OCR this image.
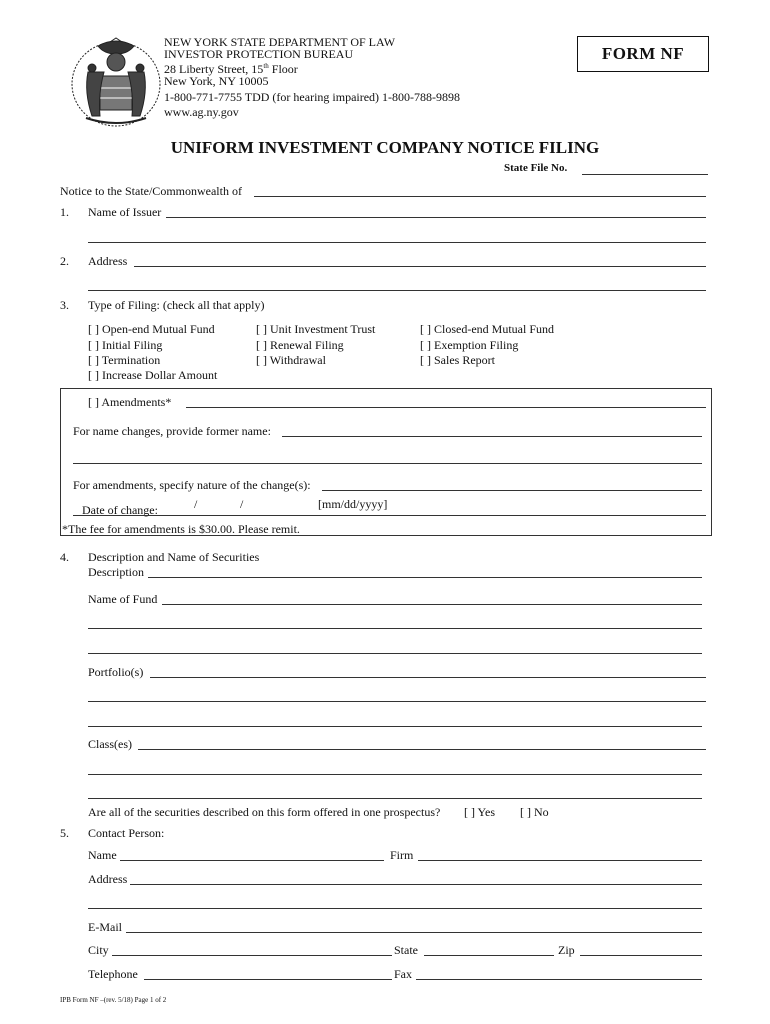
NEW YORK STATE DEPARTMENT OF LAW
INVESTOR PROTECTION BUREAU
28 Liberty Street, 15th Floor
New York, NY 10005
1-800-771-7755 TDD (for hearing impaired) 1-800-788-9898
www.ag.ny.gov
FORM NF
UNIFORM INVESTMENT COMPANY NOTICE FILING
State File No.
Notice to the State/Commonwealth of
1. Name of Issuer
2. Address
3. Type of Filing: (check all that apply)
[ ] Open-end Mutual Fund
[ ] Initial Filing
[ ] Termination
[ ] Increase Dollar Amount
[ ] Unit Investment Trust
[ ] Renewal Filing
[ ] Withdrawal
[ ] Closed-end Mutual Fund
[ ] Exemption Filing
[ ] Sales Report
[ ] Amendments*
For name changes, provide former name:
For amendments, specify nature of the change(s):
Date of change:	/	/	[mm/dd/yyyy]
*The fee for amendments is $30.00. Please remit.
4. Description and Name of Securities
Description
Name of Fund
Portfolio(s)
Class(es)
Are all of the securities described on this form offered in one prospectus? [ ] Yes [ ] No
5. Contact Person:
Name	Firm
Address
E-Mail
City	State	Zip
Telephone	Fax
IPB Form NF –(rev. 5/18) Page 1 of 2
